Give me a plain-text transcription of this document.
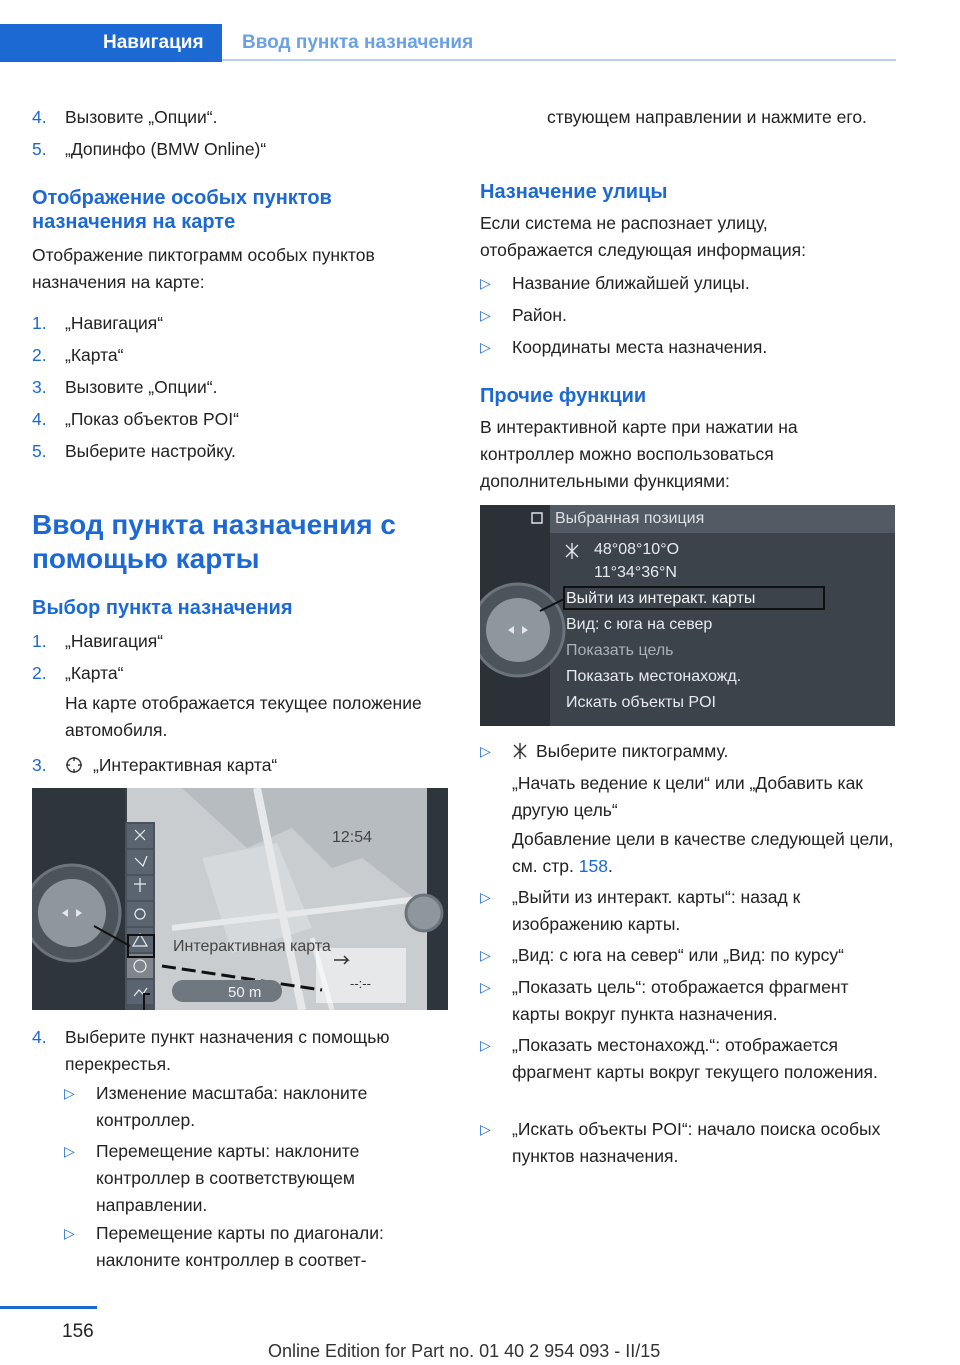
Навигация	Ввод пункта назначения
4. Вызовите „Опции“.
5. „Допинфо (BMW Online)“
Отображение особых пунктов назначения на карте
Отображение пиктограмм особых пунктов назначения на карте:
1. „Навигация“
2. „Карта“
3. Вызовите „Опции“.
4. „Показ объектов POI“
5. Выберите настройку.
Ввод пункта назначения с помощью карты
Выбор пункта назначения
1. „Навигация“
2. „Карта“
На карте отображается текущее положение автомобиля.
3.	„Интерактивная карта“
12:54
Интерактивная карта
50 m
--:--
4. Выберите пункт назначения с помощью перекрестья.
▷ Изменение масштаба: наклоните контроллер.
▷ Перемещение карты: наклоните контроллер в соответствующем направлении.
▷ Перемещение карты по диагонали: наклоните контроллер в соответ-
ствующем направлении и нажмите его.
Назначение улицы
Если система не распознает улицу, отображается следующая информация:
▷ Название ближайшей улицы.
▷ Район.
▷ Координаты места назначения.
Прочие функции
В интерактивной карте при нажатии на контроллер можно воспользоваться дополнительными функциями:
Выбранная позиция
48°08°10°O
11°34°36°N
Выйти из интеракт. карты
Вид: с юга на север
Показать цель
Показать местонахожд.
Искать объекты POI
▷	Выберите пиктограмму.
„Начать ведение к цели“ или „Добавить как другую цель“
Добавление цели в качестве следующей цели, см. стр. 158.
▷ „Выйти из интеракт. карты“: назад к изображению карты.
▷ „Вид: с юга на север“ или „Вид: по курсу“
▷ „Показать цель“: отображается фрагмент карты вокруг пункта назначения.
▷ „Показать местонахожд.“: отображается фрагмент карты вокруг текущего положения.
▷ „Искать объекты POI“: начало поиска особых пунктов назначения.
156
Online Edition for Part no. 01 40 2 954 093 - II/15
